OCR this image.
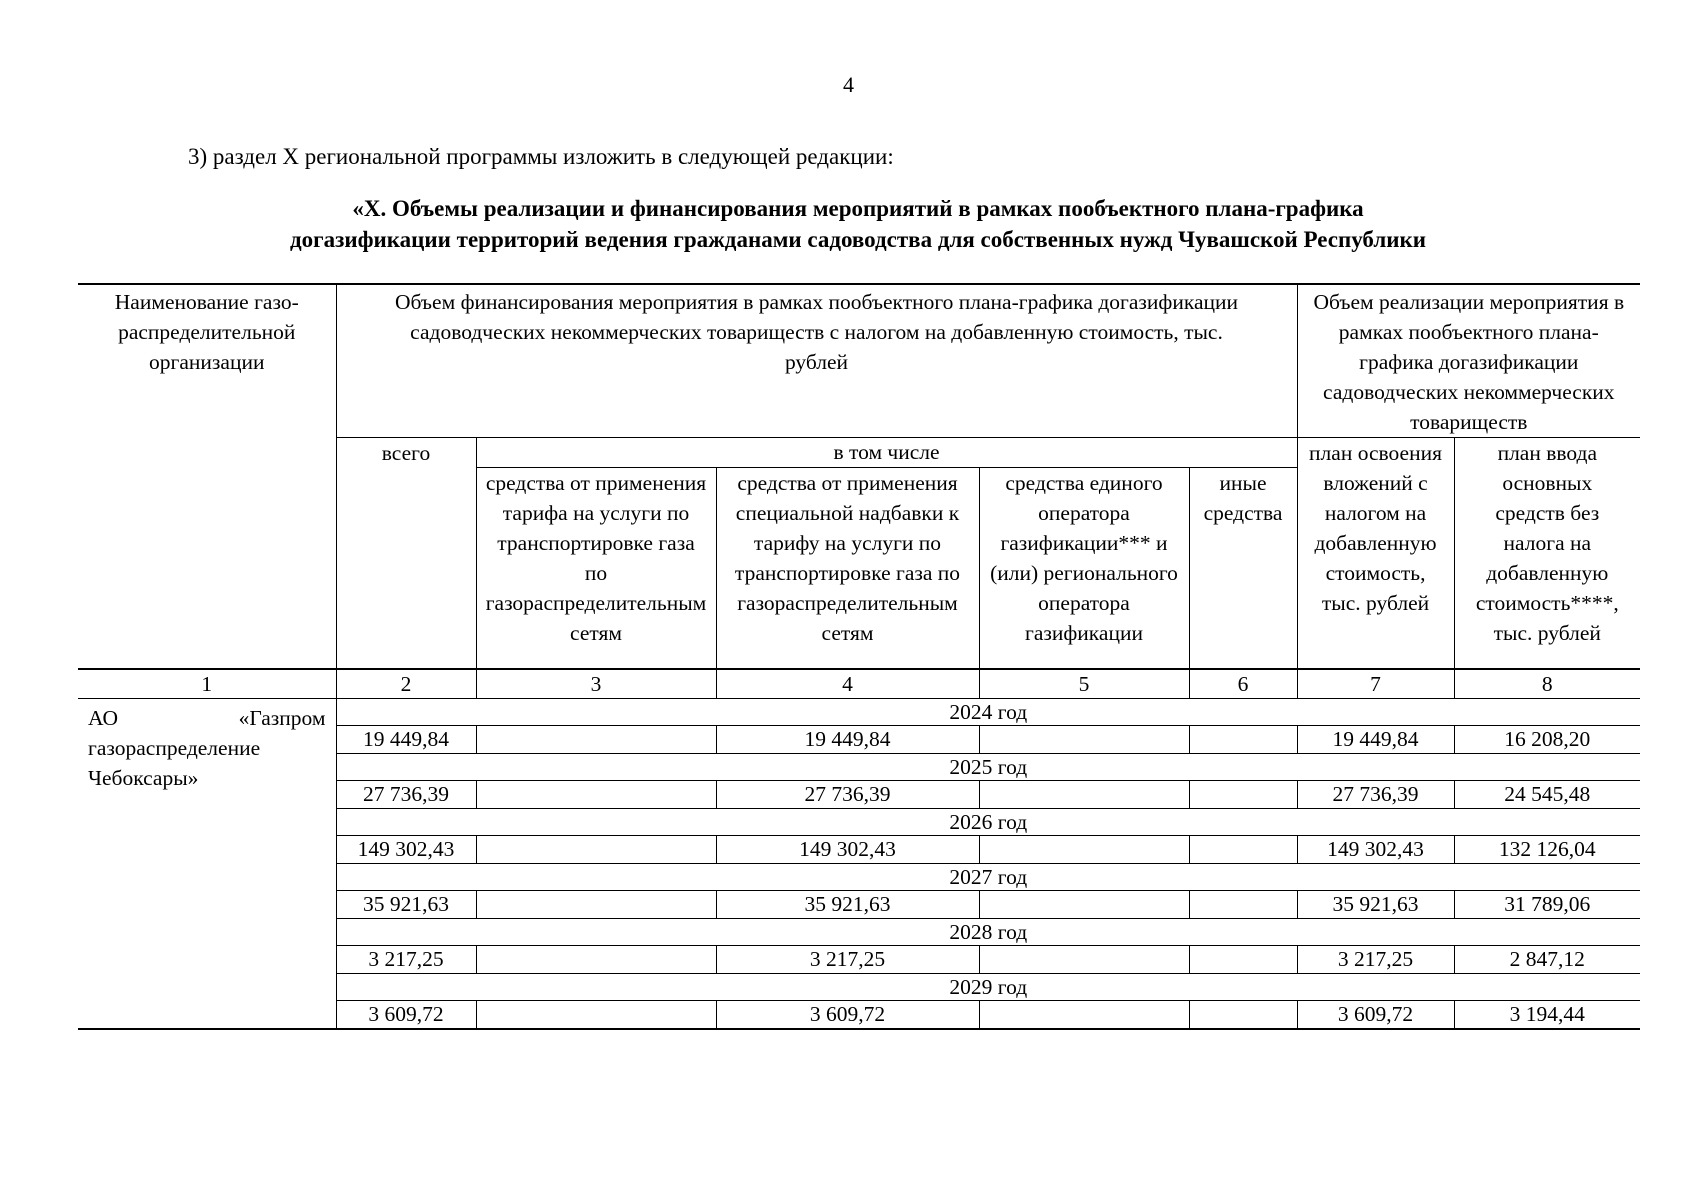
4
3) раздел X региональной программы изложить в следующей редакции:
«X. Объемы реализации и финансирования мероприятий в рамках пообъектного плана-графика
догазификации территорий ведения гражданами садоводства для собственных нужд Чувашской Республики
Наименование газо-распределительной организации	Объем финансирования мероприятия в рамках пообъектного плана-графика догазификации садоводческих некоммерческих товариществ с налогом на добавленную стоимость, тыс. рублей					Объем реализации мероприятия в рамках пообъектного плана-графика догазификации садоводческих некоммерческих товариществ	
	всего	в том числе				план освоения вложений с налогом на добавленную стоимость, тыс. рублей	план ввода основных средств без налога на добавленную стоимость****, тыс. рублей
		средства от применения тарифа на услуги по транспортировке газа по газораспределительным сетям	средства от применения специальной надбавки к тарифу на услуги по транспортировке газа по газораспределительным сетям	средства единого оператора газификации*** и (или) регионального оператора газификации	иные средства		
1	2	3	4	5	6	7	8
АО «Газпром газораспределение Чебоксары»	2024 год						
	19 449,84		19 449,84			19 449,84	16 208,20
	2025 год						
	27 736,39		27 736,39			27 736,39	24 545,48
	2026 год						
	149 302,43		149 302,43			149 302,43	132 126,04
	2027 год						
	35 921,63		35 921,63			35 921,63	31 789,06
	2028 год						
	3 217,25		3 217,25			3 217,25	2 847,12
	2029 год						
	3 609,72		3 609,72			3 609,72	3 194,44
